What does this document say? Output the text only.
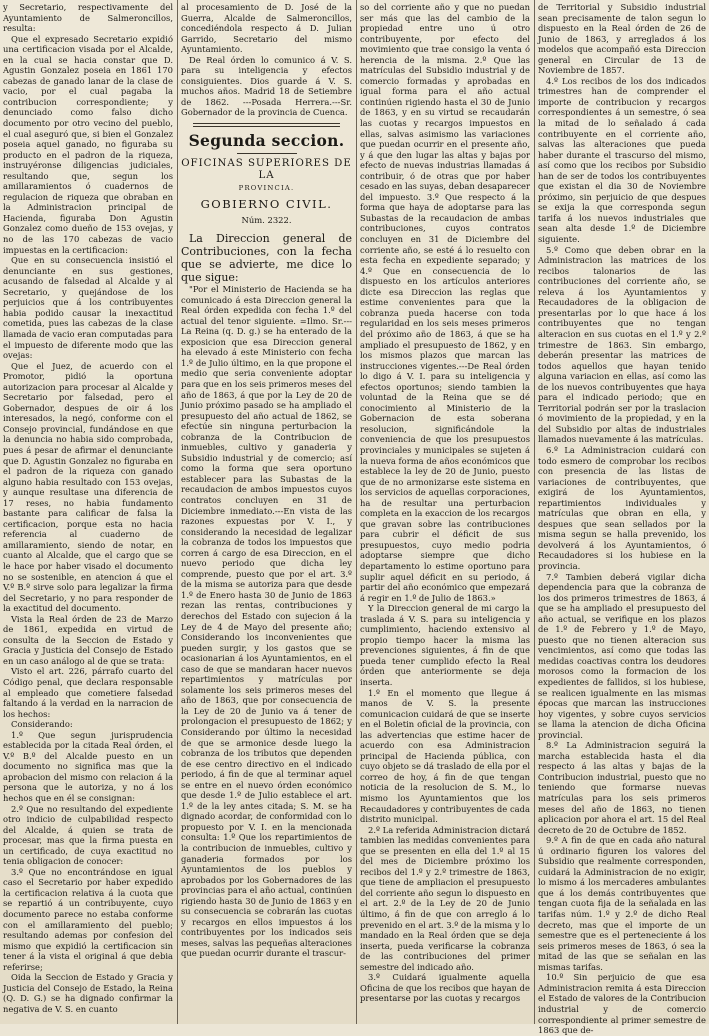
y Secretario, respectivamente del Ayuntamiento de Salmeroncillos, resulta:

Que el expresado Secretario expidió una certificacion visada por el Alcalde, en la cual se hacia constar que D. Agustin Gonzalez poseia en 1861 170 cabezas de ganado lanar de la clase de vacio, por el cual pagaba la contribucion correspondiente; y denunciado como falso dicho documento por otro vecino del pueblo, el cual aseguró que, si bien el Gonzalez poseia aquel ganado, no figuraba su producto en el padron de la riqueza, instruyéronse diligencias judiciales, resultando que, segun los amillaramientos ó cuadernos de regulacion de riqueza que obraban en la Administracion principal de Hacienda, figuraba Don Agustin Gonzalez como dueño de 153 ovejas, y no de las 170 cabezas de vacio impuestas en la certificacion:

Que en su consecuencia insistió el denunciante en sus gestiones, acusando de falsedad al Alcalde y al Secretario, y quejándose de los perjuicios que á los contribuyentes habia podido causar la inexactitud cometida, pues las cabezas de la clase llamada de vacio eran computadas para el impuesto de diferente modo que las ovejas:

Que el Juez, de acuerdo con el Promotor, pidió la oportuna autorizacion para procesar al Alcalde y Secretario por falsedad, pero el Gobernador, despues de oir á los interesados, la negó, conforme con el Consejo provincial, fundándose en que la denuncia no habia sido comprobada, pues á pesar de afirmar el denunciante que D. Agustin Gonzalez no figuraba en el padron de la riqueza con ganado alguno habia resultado con 153 ovejas, y aunque resultase una diferencia de 17 reses, no habia fundamento bastante para calificar de falsa la certificacion, porque esta no hacia referencia al cuaderno de amillaramiento, siendo de notar, en cuanto al Alcalde, que el cargo que se le hace por haber visado el documento no se sostenible, en atencion á que el V.º B.º sirve solo para legalizar la firma del Secretario, y no para responder de la exactitud del documento.

Vista la Real órden de 23 de Marzo de 1861, expedida en virtud de consulta de la Seccion de Estado y Gracia y Justicia del Consejo de Estado en un caso análogo al de que se trata:

Visto el art. 226, párrafo cuarto del Código penal, que declara responsable al empleado que cometiere falsedad faltando á la verdad en la narracion de los hechos:

Considerando:

1.º Que segun jurisprudencia establecida por la citada Real órden, el V.º B.º del Alcalde puesto en un documento no significa mas que la aprobacion del mismo con relacion á la persona que le autoriza, y no á los hechos que en él se consignan:

2.º Que no resultando del expediente otro indicio de culpabilidad respecto del Alcalde, á quien se trata de procesar, mas que la firma puesta en un certificado, de cuya exactitud no tenia obligacion de conocer:

3.º Que no encontrándose en igual caso el Secretario por haber expedido la certificacion relativa á la cuota que se repartió á un contribuyente, cuyo documento parece no estaba conforme con el amillaramiento del pueblo; resultando ademas por confesion del mismo que expidió la certificacion sin tener á la vista el original á que debia referirse;

Oida la Seccion de Estado y Gracia y Justicia del Consejo de Estado, la Reina (Q. D. G.) se ha dignado confirmar la negativa de V. S. en cuanto

al procesamiento de D. José de la Guerra, Alcalde de Salmeroncillos, concediéndola respecto á D. Julian Garrido, Secretario del mismo Ayuntamiento.

De Real órden lo comunico á V. S. para su inteligencia y efectos consiguientes. Dios guarde á V. S. muchos años. Madrid 18 de Setiembre de 1862. ---Posada Herrera.---Sr. Gobernador de la provincia de Cuenca.

Segunda seccion.
OFICINAS SUPERIORES DE LA
PROVINCIA.
GOBIERNO CIVIL.
Núm. 2322.

La Direccion general de Contribuciones, con la fecha que se advierte, me dice lo que sigue:

"Por el Ministerio de Hacienda se ha comunicado á esta Direccion general la Real órden expedida con fecha 1.º del actual del tenor siguiente. =Ilmo. Sr.---La Reina (q. D. g.) se ha enterado de la exposicion que esa Direccion general ha elevado á este Ministerio con fecha 1.º de Julio último, en la que propone el medio que seria conveniente adoptar para que en los seis primeros meses del año de 1863, á que por la Ley de 20 de Junio próximo pasado se ha ampliado el presupuesto del año actual de 1862, se efectúe sin ninguna perturbacion la cobranza de la Contribucion de inmuebles, cultivo y ganaderia y Subsidio industrial y de comercio; así como la forma que sera oportuno establecer para las Subastas de la recaudacion de ambos impuestos cuyos contratos concluyen en 31 de Diciembre inmediato.---En vista de las razones expuestas por V. I., y considerando la necesidad de legalizar la cobranza de todos los impuestos que corren á cargo de esa Direccion, en el nuevo periodo que dicha ley comprende, puesto que por el art. 3.º de la misma se autoriza para que desde 1.º de Enero hasta 30 de Junio de 1863 rezan las rentas, contribuciones y derechos del Estado con sujecion á la Ley de 4 de Mayo del presente año; Considerando los inconvenientes que pueden surgir, y los gastos que se ocasionarian á los Ayuntamientos, en el caso de que se mandaran hacer nuevos repartimientos y matrículas por solamente los seis primeros meses del año de 1863, que por consecuencia de la Ley de 20 de Junio va á tener de prolongacion el presupuesto de 1862; y Considerando por último la necesidad de que se armonice desde luego la cobranza de los tributos que dependen de ese centro directivo en el indicado periodo, á fin de que al terminar aquel se entre en el nuevo órden económico que desde 1.º de Julio establece el art. 1.º de la ley antes citada; S. M. se ha dignado acordar, de conformidad con lo propuesto por V. I. en la mencionada consulta: 1.º Que los repartimientos de la contribucion de inmuebles, cultivo y ganaderia formados por los Ayuntamientos de los pueblos y aprobados por los Gobernadores de las provincias para el año actual, continúen rigiendo hasta 30 de Junio de 1863 y en su consecuencia se cobrarán las cuotas y recargos en ellos impuestos á los contribuyentes por los indicados seis meses, salvas las pequeñas alteraciones que puedan ocurrir durante el trascur-

so del corriente año y que no puedan ser más que las del cambio de la propiedad entre uno ú otro contribuyente, por efecto del movimiento que trae consigo la venta ó herencia de la misma. 2.º Que las matrículas del Subsidio industrial y de comercio formadas y aprobadas en igual forma para el año actual continúen rigiendo hasta el 30 de Junio de 1863, y en su virtud se recaudarán las cuotas y recargos impuestos en ellas, salvas asimismo las variaciones que puedan ocurrir en el presente año, y á que den lugar las altas y bajas por efecto de nuevas industrias llamadas á contribuir, ó de otras que por haber cesado en las suyas, deban desaparecer del impuesto. 3.º Que respecto á la forma que haya de adoptarse para las Subastas de la recaudacion de ambas contribuciones, cuyos contratos concluyen en 31 de Diciembre del corriente año, se esté á lo resuelto con esta fecha en expediente separado; y 4.º Que en consecuencia de lo dispuesto en los artículos anteriores dicte esa Direccion las reglas que estime convenientes para que la cobranza pueda hacerse con toda regularidad en los seis meses primeros del próximo año de 1863, á que se ha ampliado el presupuesto de 1862, y en los mismos plazos que marcan las instrucciones vigentes.---De Real órden lo digo á V. I. para su inteligencia y efectos oportunos; siendo tambien la voluntad de la Reina que se dé conocimiento al Ministerio de la Gobernacion de esta soberana resolucion, significándole la conveniencia de que los presupuestos provinciales y municipales se sujeten á la nueva forma de años económicos que establece la ley de 20 de Junio, puesto que de no armonizarse este sistema en los servicios de aquellas corporaciones, ha de resultar una perturbacion completa en la exaccion de los recargos que gravan sobre las contribuciones para cubrir el déficit de sus presupuestos, cuyo medio podria adoptarse siempre que dicho departamento lo estime oportuno para suplir aquel déficit en su periodo, á partir del año económico que empezará á regir en 1.º de Julio de 1863.»

Y la Direccion general de mi cargo la traslada á V. S. para su inteligencia y cumplimiento, haciendo extensivo al propio tiempo hacer la misma las prevenciones siguientes, á fin de que pueda tener cumplido efecto la Real órden que anteriormente se deja inserta.

1.º En el momento que llegue á manos de V. S. la presente comunicacion cuidará de que se inserte en el Boletin oficial de la provincia, con las advertencias que estime hacer de acuerdo con esa Administracion principal de Hacienda pública, con cuyo objeto se dá traslado de ella por el correo de hoy, á fin de que tengan noticia de la resolucion de S. M., lo mismo los Ayuntamientos que los Recaudadores y contribuyentes de cada distrito municipal.

2.º La referida Administracion dictará tambien las medidas convenientes para que se presenten en ella del 1.º al 15 del mes de Diciembre próximo los recibos del 1.º y 2.º trimestre de 1863, que tiene de ampliacion el presupuesto del corriente año segun lo dispuesto en el art. 2.º de la Ley de 20 de Junio último, á fin de que con arreglo á lo prevenido en el art. 3.º de la misma y lo mandado en la Real órden que se deja inserta, pueda verificarse la cobranza de las contribuciones del primer semestre del indicado año.

3.º Cuidará igualmente aquella Oficina de que los recibos que hayan de presentarse por las cuotas y recargos

de Territorial y Subsidio industrial sean precisamente de talon segun lo dispuesto en la Real órden de 26 de Junio de 1863, y arreglados á los modelos que acompañó esta Direccion general en Circular de 13 de Noviembre de 1857.

4.º Los recibos de los dos indicados trimestres han de comprender el importe de contribucion y recargos correspondientes á un semestre, ó sea la mitad de lo señalado á cada contribuyente en el corriente año, salvas las alteraciones que pueda haber durante el trascurso del mismo, así como que los recibos por Subsidio han de ser de todos los contribuyentes que existan el dia 30 de Noviembre próximo, sin perjuicio de que despues se exija la que corresponda segun tarifa á los nuevos industriales que sean alta desde 1.º de Diciembre siguiente.

5.º Como que deben obrar en la Administracion las matrices de los recibos talonarios de las contribuciones del corriente año, se releva á los Ayuntamientos y Recaudadores de la obligacion de presentarlas por lo que hace á los contribuyentes que no tengan alteracion en sus cuotas en el 1.º y 2.º trimestre de 1863. Sin embargo, deberán presentar las matrices de todos aquellos que hayan tenido alguna variacion en ellas, así como las de los nuevos contribuyentes que haya para el indicado periodo; que en Territorial podrán ser por la traslacion ó movimiento de la propiedad, y en la del Subsidio por altas de industriales llamados nuevamente á las matrículas.

6.º La Administracion cuidará con todo esmero de comprobar los recibos con presencia de las listas de variaciones de contribuyentes, que exigirá de los Ayuntamientos, repartimientos individuales y matrículas que obran en ella, y despues que sean sellados por la misma segun se halla prevenido, los devolverá á los Ayuntamientos, ó Recaudadores si los hubiese en la provincia.

7.º Tambien deberá vigilar dicha dependencia para que la cobranza de los dos primeros trimestres de 1863, á que se ha ampliado el presupuesto del año actual, se verifique en los plazos de 1.º de Febrero y 1.º de Mayo, puesto que no tienen alteracion sus vencimientos, así como que todas las medidas coactivas contra los deudores morosos como la formacion de los expedientes de fallidos, si los hubiese, se realicen igualmente en las mismas épocas que marcan las instrucciones hoy vigentes, y sobre cuyos servicios se llama la atencion de dicha Oficina provincial.

8.º La Administracion seguirá la marcha establecida hasta el dia respecto á las altas y bajas de la Contribucion industrial, puesto que no teniendo que formarse nuevas matrículas para los seis primeros meses del año de 1863, no tienen aplicacion por ahora el art. 15 del Real decreto de 20 de Octubre de 1852.

9.º A fin de que en cada año natural ú ordinario figuren los valores del Subsidio que realmente corresponden, cuidará la Administracion de no exigir, lo mismo á los mercaderes ambulantes que á los demás contribuyentes que tengan cuota fija de la señalada en las tarifas núm. 1.º y 2.º de dicho Real decreto, mas que el importe de un semestre que es el perteneciente á los seis primeros meses de 1863, ó sea la mitad de las que se señalan en las mismas tarifas.

10.º Sin perjuicio de que esa Administracion remita á esta Direccion el Estado de valores de la Contribucion industrial y de comercio correspondiente al primer semestre de 1863 que de-
